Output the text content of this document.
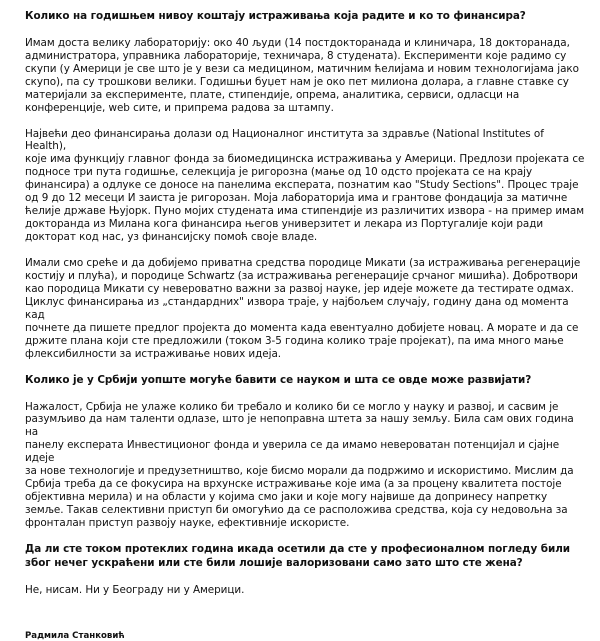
Колико на годишњем нивоу коштају истраживања која радите и ко то финансира?

Имам доста велику лабораторију: око 40 људи (14 постдокторанада и клиничара, 18 докторанада,
администратора, управника лабораторије, техничара, 8 студената). Експерименти које радимо су
скупи (у Америци је све што је у вези са медицином, матичним ћелијама и новим технологијама јако
скупо), па су трошкови велики. Годишњи буџет нам је око пет милиона долара, а главне ставке су
материјали за експерименте, плате, стипендије, опрема, аналитика, сервиси, одласци на
конференције, web сите, и припрема радова за штампу.

Највећи део финансирања долази од Националног института за здравље (National Institutes of Health),
које има функцију главног фонда за биомедицинска истраживања у Америци. Предлози пројеката се
подносе три пута годишње, селекција је ригорозна (мање од 10 одсто пројеката се на крају
финансира) а одлуке се доносе на панелима експерата, познатим као "Study Sections". Процес траје
од 9 до 12 месеци И заиста је ригорозан. Моја лабораторија има и грантове фондација за матичне
ћелије државе Њујорк. Пуно мојих студената има стипендије из различитих извора - на пример имам
докторанда из Милана кога финансира његов универзитет и лекара из Португалије који ради
докторат код нас, уз финансијску помоћ своје владе.

Имали смо среће и да добијемо приватна средства породице Микати (за истраживања регенерације
костију и плућа), и породице Schwartz (за истраживања регенерације срчаног мишића). Добротвори
као породица Микати су невероватно важни за развој науке, јер идеје можете да тестирате одмах.
Циклус финансирања из „стандардних" извора траје, у најбољем случају, годину дана од момента кад
почнете да пишете предлог пројекта до момента када евентуално добијете новац. А морате и да се
држите плана који сте предложили (током 3-5 година колико траје пројекат), па има много мање
флексибилности за истраживање нових идеја.

Колико је у Србији уопште могуће бавити се науком и шта се овде може развијати?

Нажалост, Србија не улаже колико би требало и колико би се могло у науку и развој, и сасвим је
разумљиво да нам таленти одлазе, што је непоправна штета за нашу земљу. Била сам ових година на
панелу експерата Инвестиционог фонда и уверила се да имамо невероватан потенцијал и сјајне идеје
за нове технологије и предузетништво, које бисмо морали да подржимо и искористимо. Мислим да
Србија треба да се фокусира на врхунске истраживање које има (а за процену квалитета постоје
објективна мерила) и на области у којима смо јаки и које могу највише да допринесу напретку
земље. Такав селективни приступ би омогућио да се расположива средства, која су недовољна за
фронталан приступ развоју науке, ефективније искористе.

Да ли сте током протеклих година икада осетили да сте у професионалном погледу били
због нечег ускраћени или сте били лошије валоризовани само зато што сте жена?

Не, нисам. Ни у Београду ни у Америци.

Радмила Станковић
